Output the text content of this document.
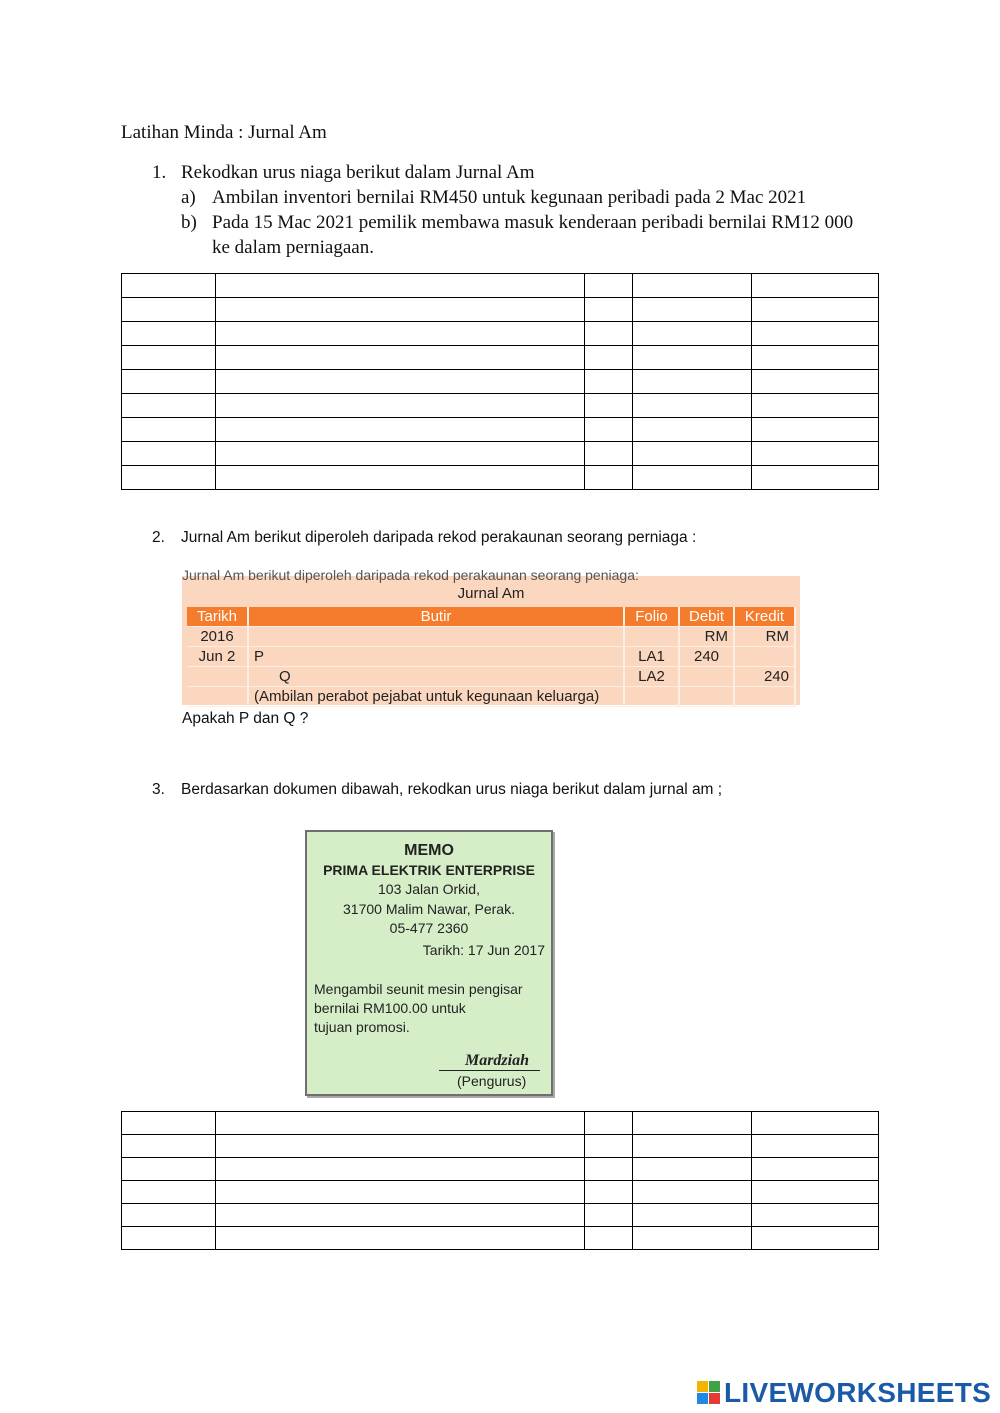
Latihan Minda : Jurnal Am
1. Rekodkan urus niaga berikut dalam Jurnal Am
a) Ambilan inventori bernilai RM450 untuk kegunaan peribadi pada 2 Mac 2021
b) Pada 15 Mac 2021 pemilik membawa masuk kenderaan peribadi bernilai RM12 000 ke dalam perniagaan.

2. Jurnal Am berikut diperoleh daripada rekod perakaunan seorang perniaga :
Jurnal Am berikut diperoleh daripada rekod perakaunan seorang peniaga:
Jurnal Am
Tarikh	Butir	Folio	Debit	Kredit
2016			RM	RM
Jun 2	P	LA1	240	
	Q	LA2		240
	(Ambilan perabot pejabat untuk kegunaan keluarga)			
Apakah P dan Q ?
3. Berdasarkan dokumen dibawah, rekodkan urus niaga berikut dalam jurnal am ;
MEMO
PRIMA ELEKTRIK ENTERPRISE
103 Jalan Orkid,
31700 Malim Nawar, Perak.
05-477 2360
Tarikh: 17 Jun 2017
Mengambil seunit mesin pengisar
bernilai RM100.00 untuk
tujuan promosi.
Mardziah
(Pengurus)

LIVEWORKSHEETS
